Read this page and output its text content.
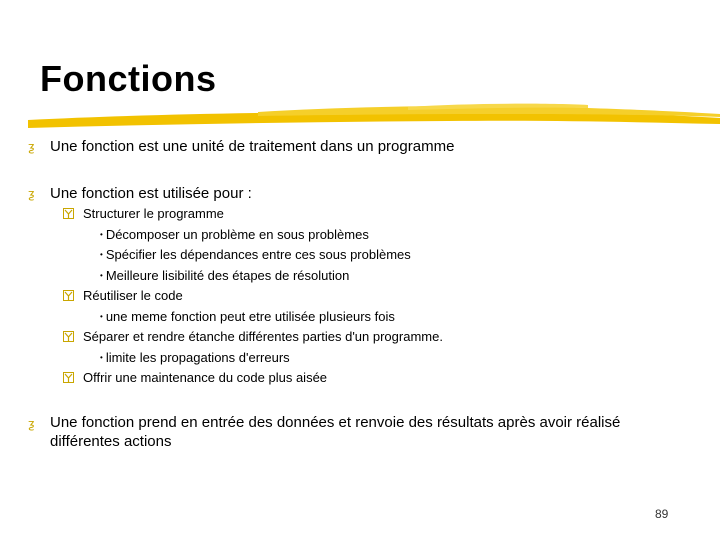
Fonctions
ƺ	Une fonction est une unité de traitement dans un programme
ƺ	Une fonction est utilisée pour :
Structurer le programme
• Décomposer un problème en sous problèmes
• Spécifier les dépendances entre ces sous problèmes
• Meilleure lisibilité des étapes de résolution
Réutiliser le code
• une meme fonction peut etre utilisée plusieurs fois
Séparer et rendre étanche différentes parties d'un programme.
• limite les propagations d'erreurs
Offrir une maintenance du code plus aisée
ƺ	Une fonction prend en entrée des données et renvoie des résultats après avoir réalisé
différentes actions
89
